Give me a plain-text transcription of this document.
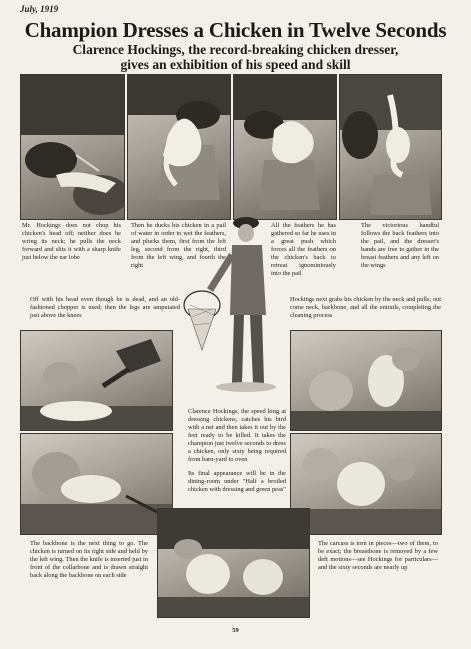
July, 1919
Champion Dresses a Chicken in Twelve Seconds
Clarence Hockings, the record-breaking chicken dresser, gives an exhibition of his speed and skill

Mr. Hockings does not chop his chicken's head off; neither does he wring its neck; he pulls the neck forward and slits it with a sharp knife just below the ear lobe

Then he ducks his chicken in a pail of water in order to wet the feathers, and plucks them, first from the left leg, second from the right, third from the left wing, and fourth the right

All the feathers he has gathered so far he uses in a great push which forces all the feathers on the chicken's back to retreat ignominiously into the pail

The victorious handful follows the back feathers into the pail, and the dresser's hands are free to gather in the breast feathers and any left on the wings

Off with his head even though he is dead, and an old-fashioned chopper is used; then the legs are amputated just above the knees

Hockings next grabs his chicken by the neck and pulls; out come neck, backbone, and all the entrails, completing the cleaning process

Clarence Hockings, the speed king at dressing chickens, catches his bird with a net and then takes it out by the feet ready to be killed. It takes the champion just twelve seconds to dress a chicken, only sixty being required from barn-yard to oven

Its final appearance will be in the dining-room under "Half a broiled chicken with dressing and green peas"

The backbone is the next thing to go. The chicken is turned on its right side and held by the left wing. Then the knife is inserted just in front of the collarbone and is drawn straight back along the backbone on each side

The carcass is torn in pieces—two of them, to be exact; the breastbone is removed by a few deft motions—see Hockings for particulars—and the sixty seconds are nearly up

59
